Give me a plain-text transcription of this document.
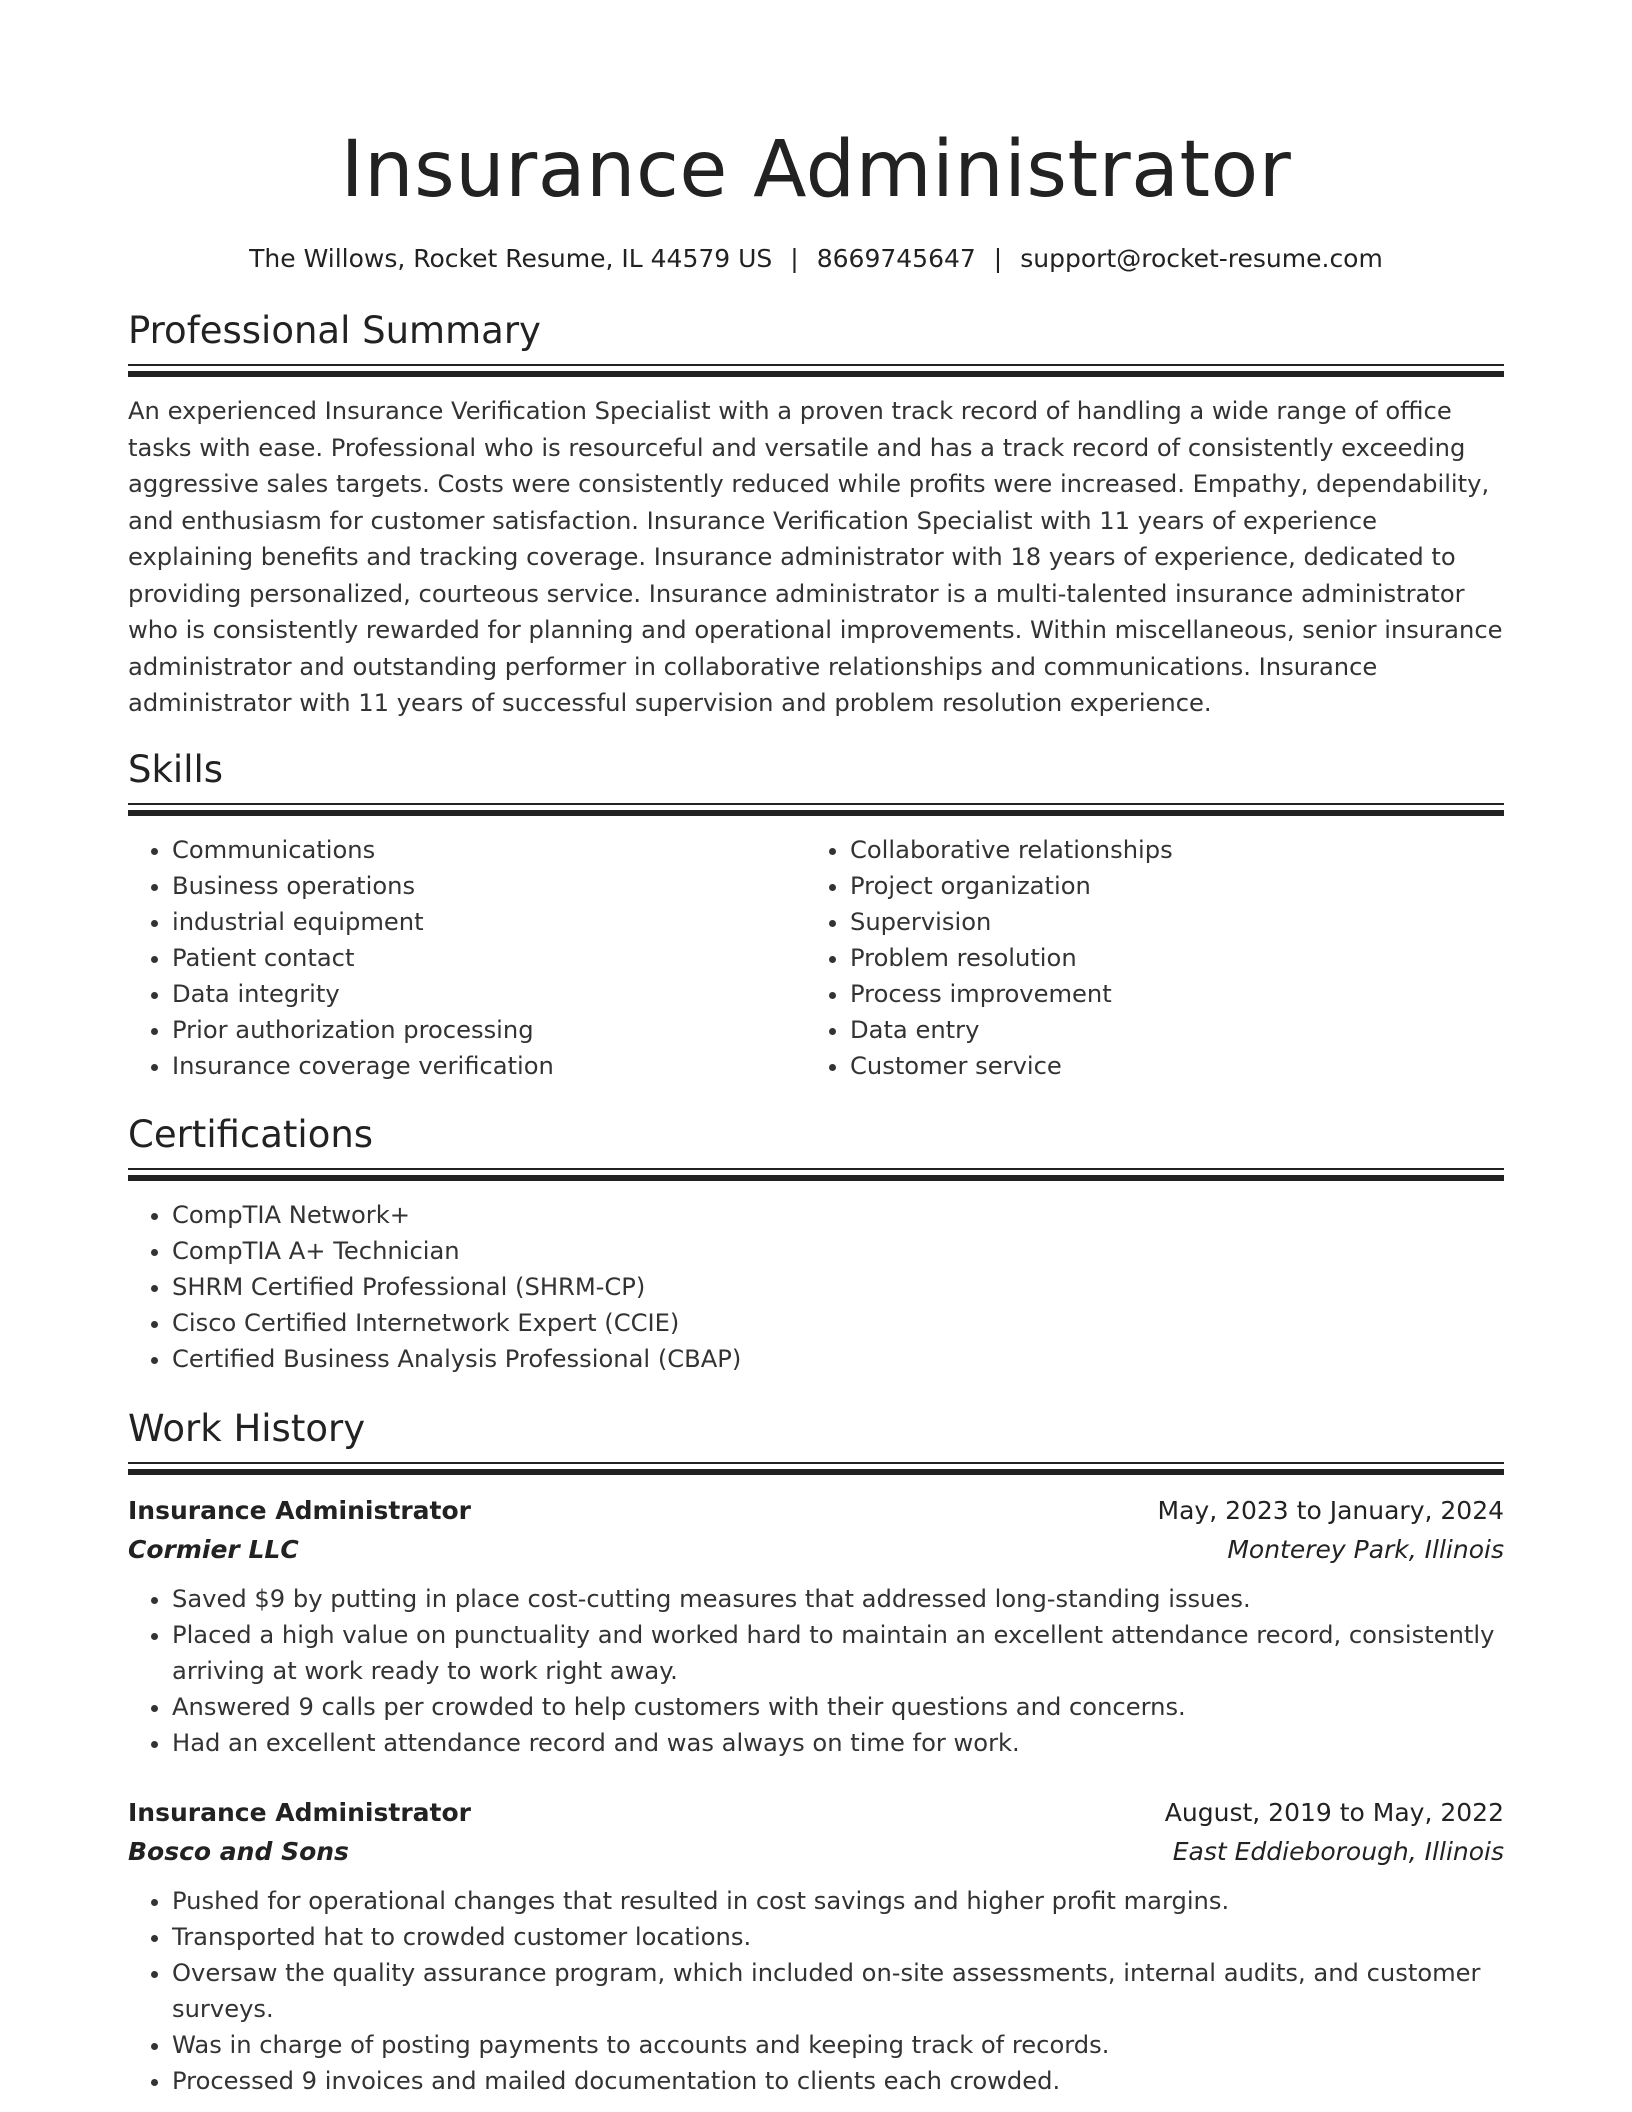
Insurance Administrator
The Willows, Rocket Resume, IL 44579 US | 8669745647 | support@rocket-resume.com
Professional Summary

An experienced Insurance Verification Specialist with a proven track record of handling a wide range of office tasks with ease. Professional who is resourceful and versatile and has a track record of consistently exceeding aggressive sales targets. Costs were consistently reduced while profits were increased. Empathy, dependability, and enthusiasm for customer satisfaction. Insurance Verification Specialist with 11 years of experience explaining benefits and tracking coverage. Insurance administrator with 18 years of experience, dedicated to providing personalized, courteous service. Insurance administrator is a multi-talented insurance administrator who is consistently rewarded for planning and operational improvements. Within miscellaneous, senior insurance administrator and outstanding performer in collaborative relationships and communications. Insurance administrator with 11 years of successful supervision and problem resolution experience.

Skills
• Communications
• Business operations
• industrial equipment
• Patient contact
• Data integrity
• Prior authorization processing
• Insurance coverage verification
• Collaborative relationships
• Project organization
• Supervision
• Problem resolution
• Process improvement
• Data entry
• Customer service
Certifications
• CompTIA Network+
• CompTIA A+ Technician
• SHRM Certified Professional (SHRM-CP)
• Cisco Certified Internetwork Expert (CCIE)
• Certified Business Analysis Professional (CBAP)
Work History
Insurance Administrator	May, 2023 to January, 2024
Cormier LLC	Monterey Park, Illinois
• Saved $9 by putting in place cost-cutting measures that addressed long-standing issues.
• Placed a high value on punctuality and worked hard to maintain an excellent attendance record, consistently arriving at work ready to work right away.
• Answered 9 calls per crowded to help customers with their questions and concerns.
• Had an excellent attendance record and was always on time for work.
Insurance Administrator	August, 2019 to May, 2022
Bosco and Sons	East Eddieborough, Illinois
• Pushed for operational changes that resulted in cost savings and higher profit margins.
• Transported hat to crowded customer locations.
• Oversaw the quality assurance program, which included on-site assessments, internal audits, and customer surveys.
• Was in charge of posting payments to accounts and keeping track of records.
• Processed 9 invoices and mailed documentation to clients each crowded.
